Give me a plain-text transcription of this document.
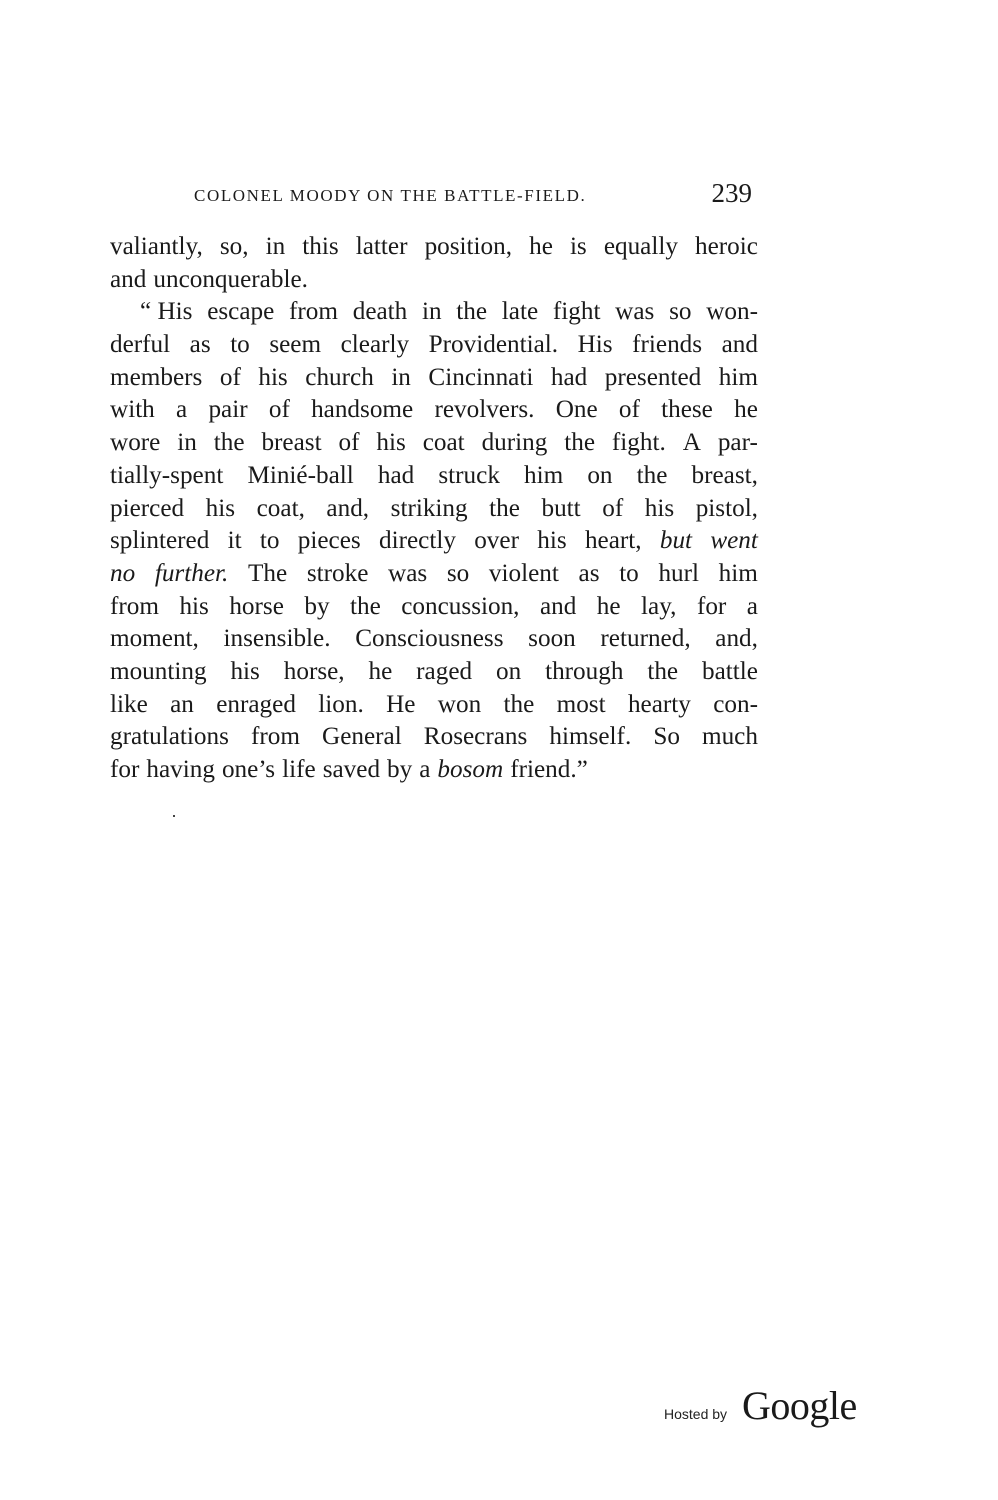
COLONEL MOODY ON THE BATTLE-FIELD.	239
valiantly, so, in this latter position, he is equally heroic
and unconquerable.
“ His escape from death in the late fight was so won-
derful as to seem clearly Providential. His friends and
members of his church in Cincinnati had presented him
with a pair of handsome revolvers. One of these he
wore in the breast of his coat during the fight. A par-
tially-spent Minié-ball had struck him on the breast,
pierced his coat, and, striking the butt of his pistol,
splintered it to pieces directly over his heart, but went
no further. The stroke was so violent as to hurl him
from his horse by the concussion, and he lay, for a
moment, insensible. Consciousness soon returned, and,
mounting his horse, he raged on through the battle
like an enraged lion. He won the most hearty con-
gratulations from General Rosecrans himself. So much
for having one’s life saved by a bosom friend.”
Hosted by Google
